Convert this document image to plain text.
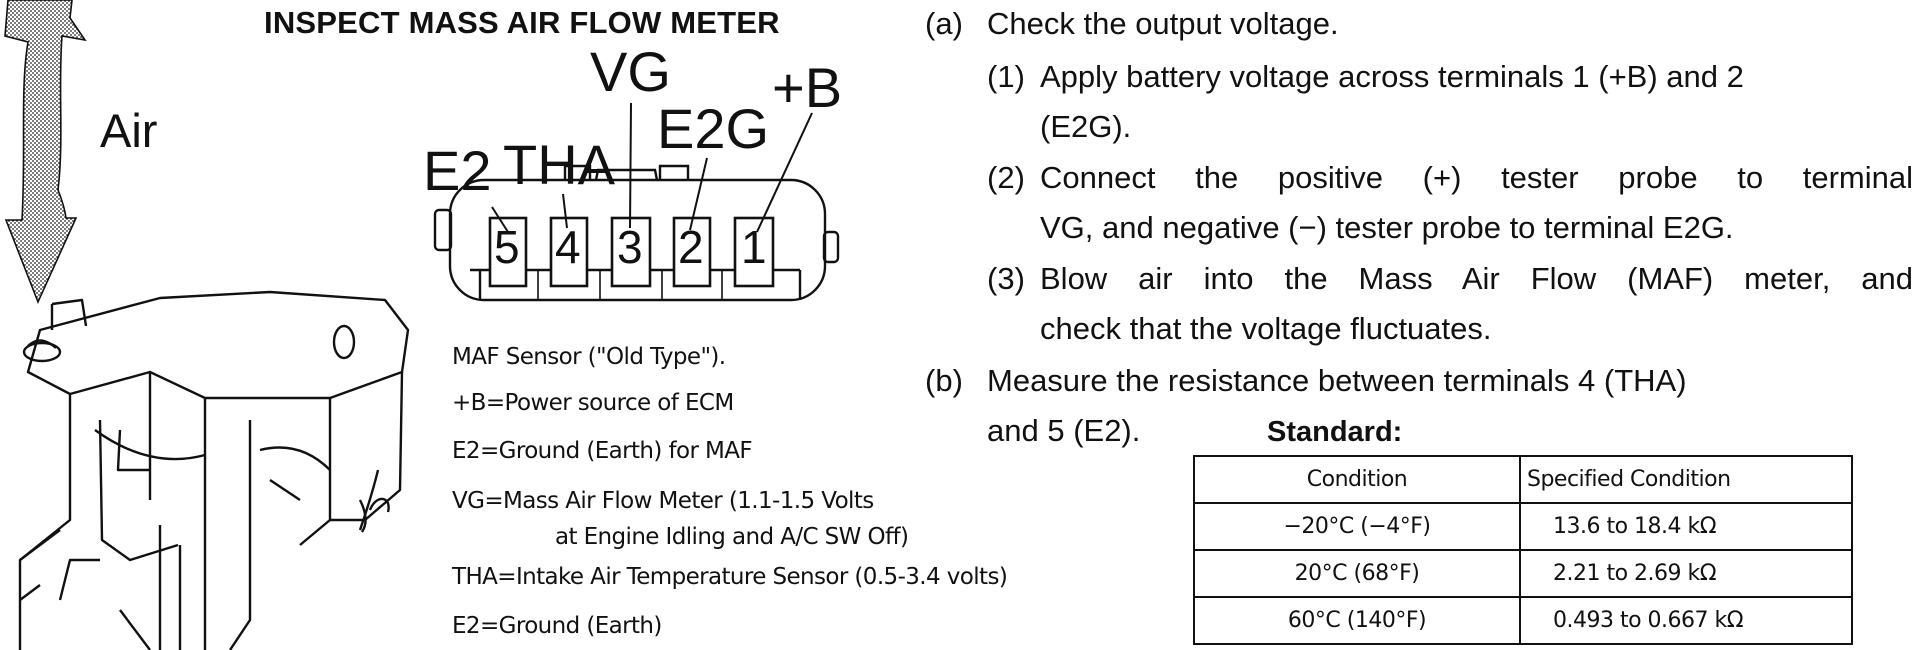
INSPECT MASS AIR FLOW METER
Air
VG +B
E2 THA
E2G
5 4 3 2 1
MAF Sensor ("Old Type").
+B=Power source of ECM
E2=Ground (Earth) for MAF
VG=Mass Air Flow Meter (1.1-1.5 Volts
at Engine Idling and A/C SW Off)
THA=Intake Air Temperature Sensor (0.5-3.4 volts)
E2=Ground (Earth)
(a) Check the output voltage.
(1) Apply battery voltage across terminals 1 (+B) and 2
(E2G).
(2) Connect the positive (+) tester probe to terminal
VG, and negative (−) tester probe to terminal E2G.
(3) Blow air into the Mass Air Flow (MAF) meter, and
check that the voltage fluctuates.
(b) Measure the resistance between terminals 4 (THA)
and 5 (E2).	Standard:
Condition	Specified Condition
−20°C (−4°F)	13.6 to 18.4 kΩ
20°C (68°F)	2.21 to 2.69 kΩ
60°C (140°F)	0.493 to 0.667 kΩ
